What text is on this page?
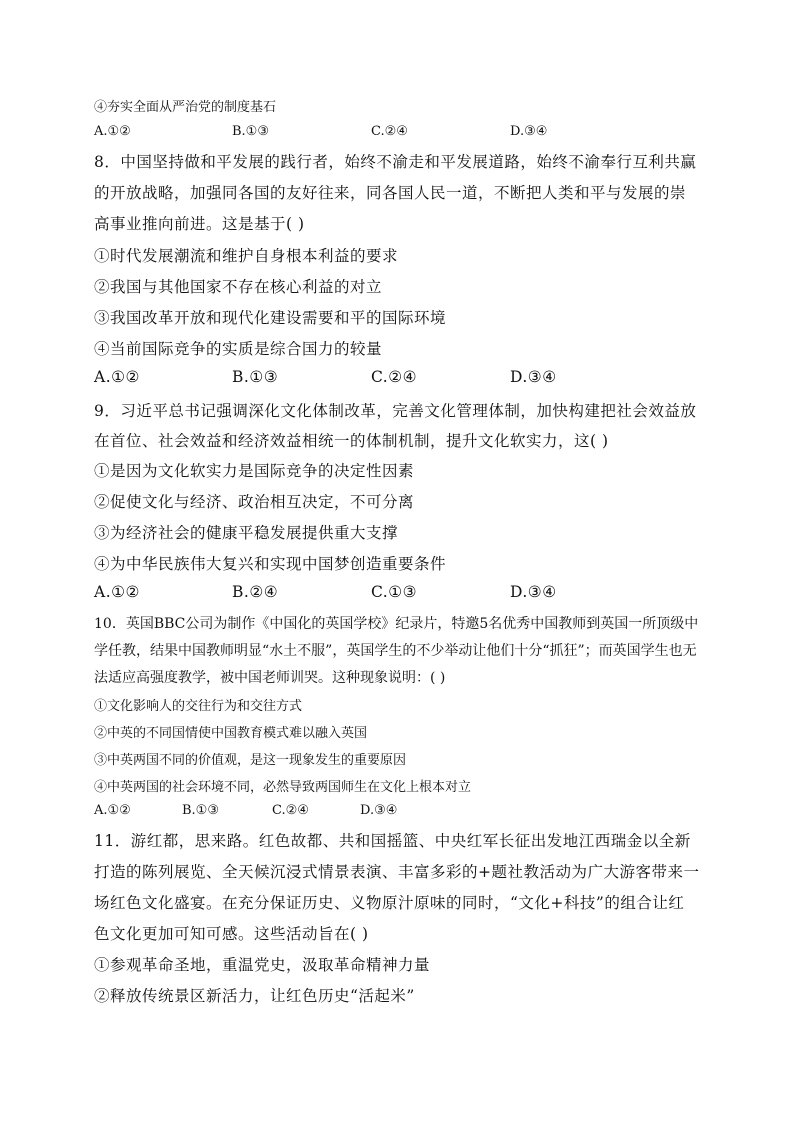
④夯实全面从严治党的制度基石
A.①②	B.①③	C.②④	D.③④
8．中国坚持做和平发展的践行者，始终不渝走和平发展道路，始终不渝奉行互利共赢
的开放战略，加强同各国的友好往来，同各国人民一道，不断把人类和平与发展的崇
高事业推向前进。这是基于( )
①时代发展潮流和维护自身根本利益的要求
②我国与其他国家不存在核心利益的对立
③我国改革开放和现代化建设需要和平的国际环境
④当前国际竞争的实质是综合国力的较量
A.①②	B.①③	C.②④	D.③④
9．习近平总书记强调深化文化体制改革，完善文化管理体制，加快构建把社会效益放
在首位、社会效益和经济效益相统一的体制机制，提升文化软实力，这( )
①是因为文化软实力是国际竞争的决定性因素
②促使文化与经济、政治相互决定，不可分离
③为经济社会的健康平稳发展提供重大支撑
④为中华民族伟大复兴和实现中国梦创造重要条件
A.①②	B.②④	C.①③	D.③④
10．英国BBC公司为制作《中国化的英国学校》纪录片，特邀5名优秀中国教师到英国一所顶级中
学任教，结果中国教师明显“水土不服”，英国学生的不少举动让他们十分“抓狂”；而英国学生也无
法适应高强度教学，被中国老师训哭。这种现象说明：( )
①文化影响人的交往行为和交往方式
②中英的不同国情使中国教育模式难以融入英国
③中英两国不同的价值观，是这一现象发生的重要原因
④中英两国的社会环境不同，必然导致两国师生在文化上根本对立
A.①②	B.①③	C.②④	D.③④
11．游红都，思来路。红色故都、共和国摇篮、中央红军长征出发地江西瑞金以全新
打造的陈列展览、全天候沉浸式情景表演、丰富多彩的+题社教活动为广大游客带来一
场红色文化盛宴。在充分保证历史、义物原汁原味的同时，“文化+科技”的组合让红
色文化更加可知可感。这些活动旨在( )
①参观革命圣地，重温党史，汲取革命精神力量
②释放传统景区新活力，让红色历史“活起米”
